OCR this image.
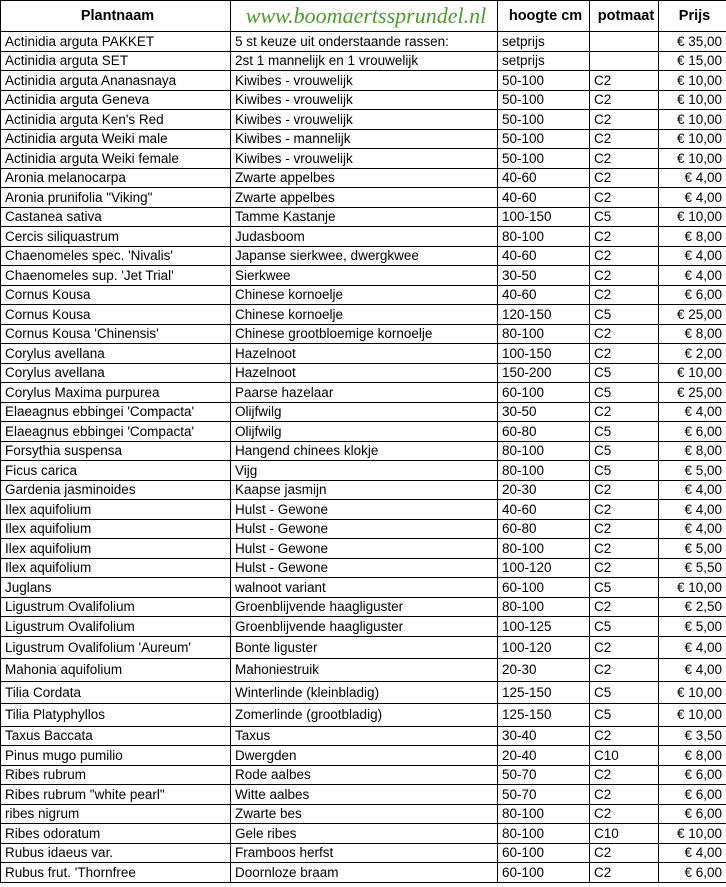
Plantnaam	www.boomaertssprundel.nl	hoogte cm	potmaat	Prijs
Actinidia arguta PAKKET	5 st keuze uit onderstaande rassen:	setprijs		€ 35,00
Actinidia arguta SET	2st 1 mannelijk en 1 vrouwelijk	setprijs		€ 15,00
Actinidia arguta Ananasnaya	Kiwibes - vrouwelijk	50-100	C2	€ 10,00
Actinidia arguta Geneva	Kiwibes - vrouwelijk	50-100	C2	€ 10,00
Actinidia arguta Ken's Red	Kiwibes - vrouwelijk	50-100	C2	€ 10,00
Actinidia arguta Weiki male	Kiwibes - mannelijk	50-100	C2	€ 10,00
Actinidia arguta Weiki female	Kiwibes - vrouwelijk	50-100	C2	€ 10,00
Aronia melanocarpa	Zwarte appelbes	40-60	C2	€ 4,00
Aronia prunifolia "Viking"	Zwarte appelbes	40-60	C2	€ 4,00
Castanea sativa	Tamme Kastanje	100-150	C5	€ 10,00
Cercis siliquastrum	Judasboom	80-100	C2	€ 8,00
Chaenomeles spec. 'Nivalis'	Japanse sierkwee, dwergkwee	40-60	C2	€ 4,00
Chaenomeles sup. 'Jet Trial'	Sierkwee	30-50	C2	€ 4,00
Cornus Kousa	Chinese kornoelje	40-60	C2	€ 6,00
Cornus Kousa	Chinese kornoelje	120-150	C5	€ 25,00
Cornus Kousa 'Chinensis'	Chinese grootbloemige kornoelje	80-100	C2	€ 8,00
Corylus avellana	Hazelnoot	100-150	C2	€ 2,00
Corylus avellana	Hazelnoot	150-200	C5	€ 10,00
Corylus Maxima purpurea	Paarse hazelaar	60-100	C5	€ 25,00
Elaeagnus ebbingei 'Compacta'	Olijfwilg	30-50	C2	€ 4,00
Elaeagnus ebbingei 'Compacta'	Olijfwilg	60-80	C5	€ 6,00
Forsythia suspensa	Hangend chinees klokje	80-100	C5	€ 8,00
Ficus carica	Vijg	80-100	C5	€ 5,00
Gardenia jasminoides	Kaapse jasmijn	20-30	C2	€ 4,00
Ilex aquifolium	Hulst - Gewone	40-60	C2	€ 4,00
Ilex aquifolium	Hulst - Gewone	60-80	C2	€ 4,00
Ilex aquifolium	Hulst - Gewone	80-100	C2	€ 5,00
Ilex aquifolium	Hulst - Gewone	100-120	C2	€ 5,50
Juglans	walnoot variant	60-100	C5	€ 10,00
Ligustrum Ovalifolium	Groenblijvende haagliguster	80-100	C2	€ 2,50
Ligustrum Ovalifolium	Groenblijvende haagliguster	100-125	C5	€ 5,00
Ligustrum Ovalifolium 'Aureum'	Bonte liguster	100-120	C2	€ 4,00
Mahonia aquifolium	Mahoniestruik	20-30	C2	€ 4,00
Tilia Cordata	Winterlinde (kleinbladig)	125-150	C5	€ 10,00
Tilia Platyphyllos	Zomerlinde (grootbladig)	125-150	C5	€ 10,00
Taxus Baccata	Taxus	30-40	C2	€ 3,50
Pinus mugo pumilio	Dwergden	20-40	C10	€ 8,00
Ribes rubrum	Rode aalbes	50-70	C2	€ 6,00
Ribes rubrum "white pearl"	Witte aalbes	50-70	C2	€ 6,00
ribes nigrum	Zwarte bes	80-100	C2	€ 6,00
Ribes odoratum	Gele ribes	80-100	C10	€ 10,00
Rubus idaeus var.	Framboos herfst	60-100	C2	€ 4,00
Rubus frut. 'Thornfree	Doornloze braam	60-100	C2	€ 6,00
